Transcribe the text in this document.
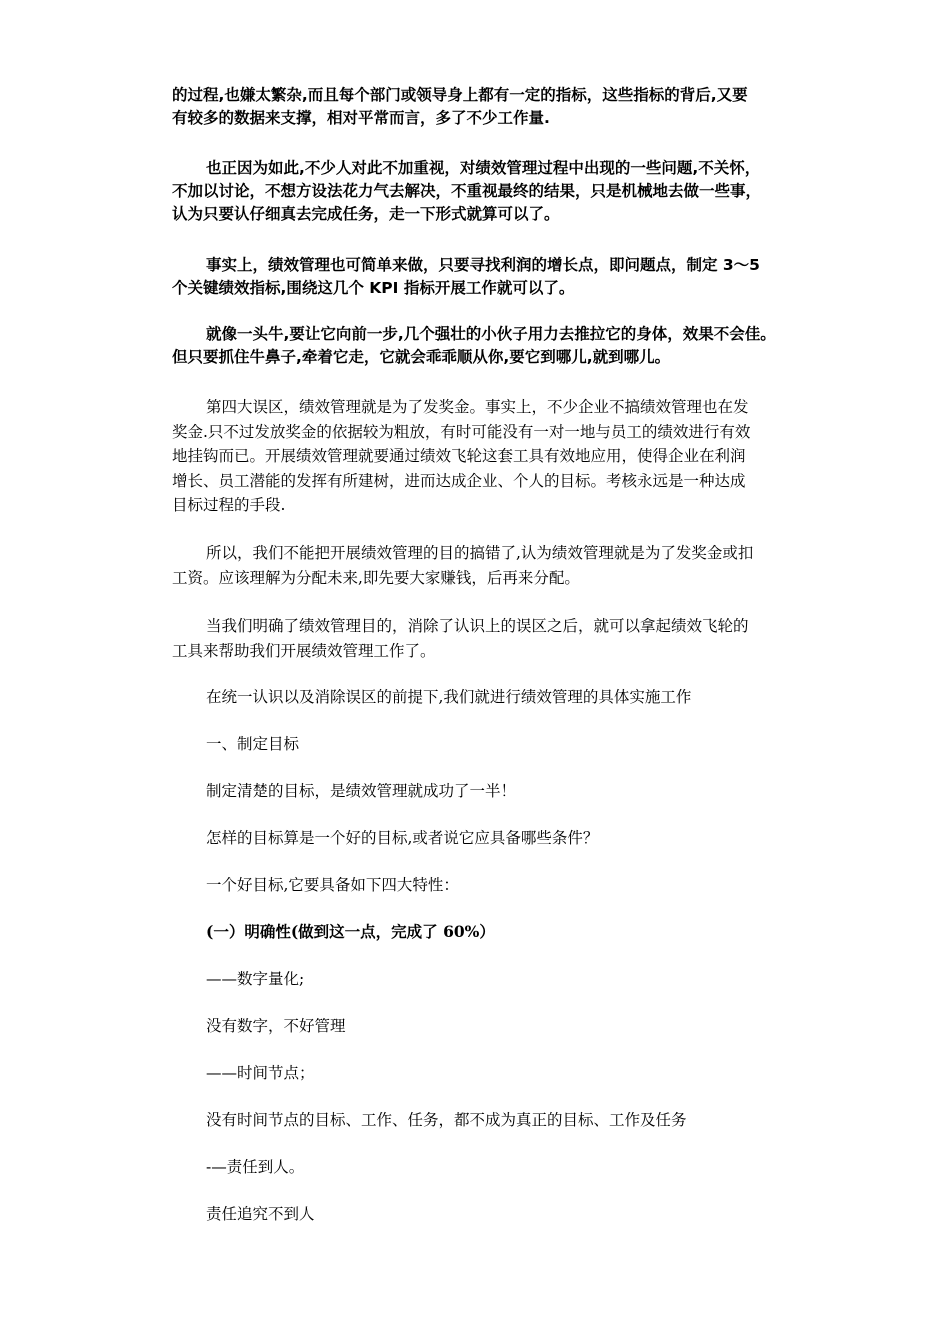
的过程,也嫌太繁杂,而且每个部门或领导身上都有一定的指标，这些指标的背后,又要
有较多的数据来支撑，相对平常而言，多了不少工作量.
也正因为如此,不少人对此不加重视，对绩效管理过程中出现的一些问题,不关怀，
不加以讨论，不想方设法花力气去解决，不重视最终的结果，只是机械地去做一些事，
认为只要认仔细真去完成任务，走一下形式就算可以了。
事实上，绩效管理也可简单来做，只要寻找利润的增长点，即问题点，制定 3～5
个关键绩效指标,围绕这几个 KPI 指标开展工作就可以了。
就像一头牛,要让它向前一步,几个强壮的小伙子用力去推拉它的身体，效果不会佳。
但只要抓住牛鼻子,牵着它走，它就会乖乖顺从你,要它到哪儿,就到哪儿。
第四大误区，绩效管理就是为了发奖金。事实上，不少企业不搞绩效管理也在发
奖金.只不过发放奖金的依据较为粗放，有时可能没有一对一地与员工的绩效进行有效
地挂钩而已。开展绩效管理就要通过绩效飞轮这套工具有效地应用，使得企业在利润
增长、员工潜能的发挥有所建树，进而达成企业、个人的目标。考核永远是一种达成
目标过程的手段.
所以，我们不能把开展绩效管理的目的搞错了,认为绩效管理就是为了发奖金或扣
工资。应该理解为分配未来,即先要大家赚钱，后再来分配。
当我们明确了绩效管理目的，消除了认识上的误区之后，就可以拿起绩效飞轮的
工具来帮助我们开展绩效管理工作了。
在统一认识以及消除误区的前提下,我们就进行绩效管理的具体实施工作
一、制定目标
制定清楚的目标，是绩效管理就成功了一半！
怎样的目标算是一个好的目标,或者说它应具备哪些条件？
一个好目标,它要具备如下四大特性：
(一）明确性(做到这一点，完成了 60%）
——数字量化;
没有数字，不好管理
——时间节点；
没有时间节点的目标、工作、任务，都不成为真正的目标、工作及任务
-—责任到人。
责任追究不到人
